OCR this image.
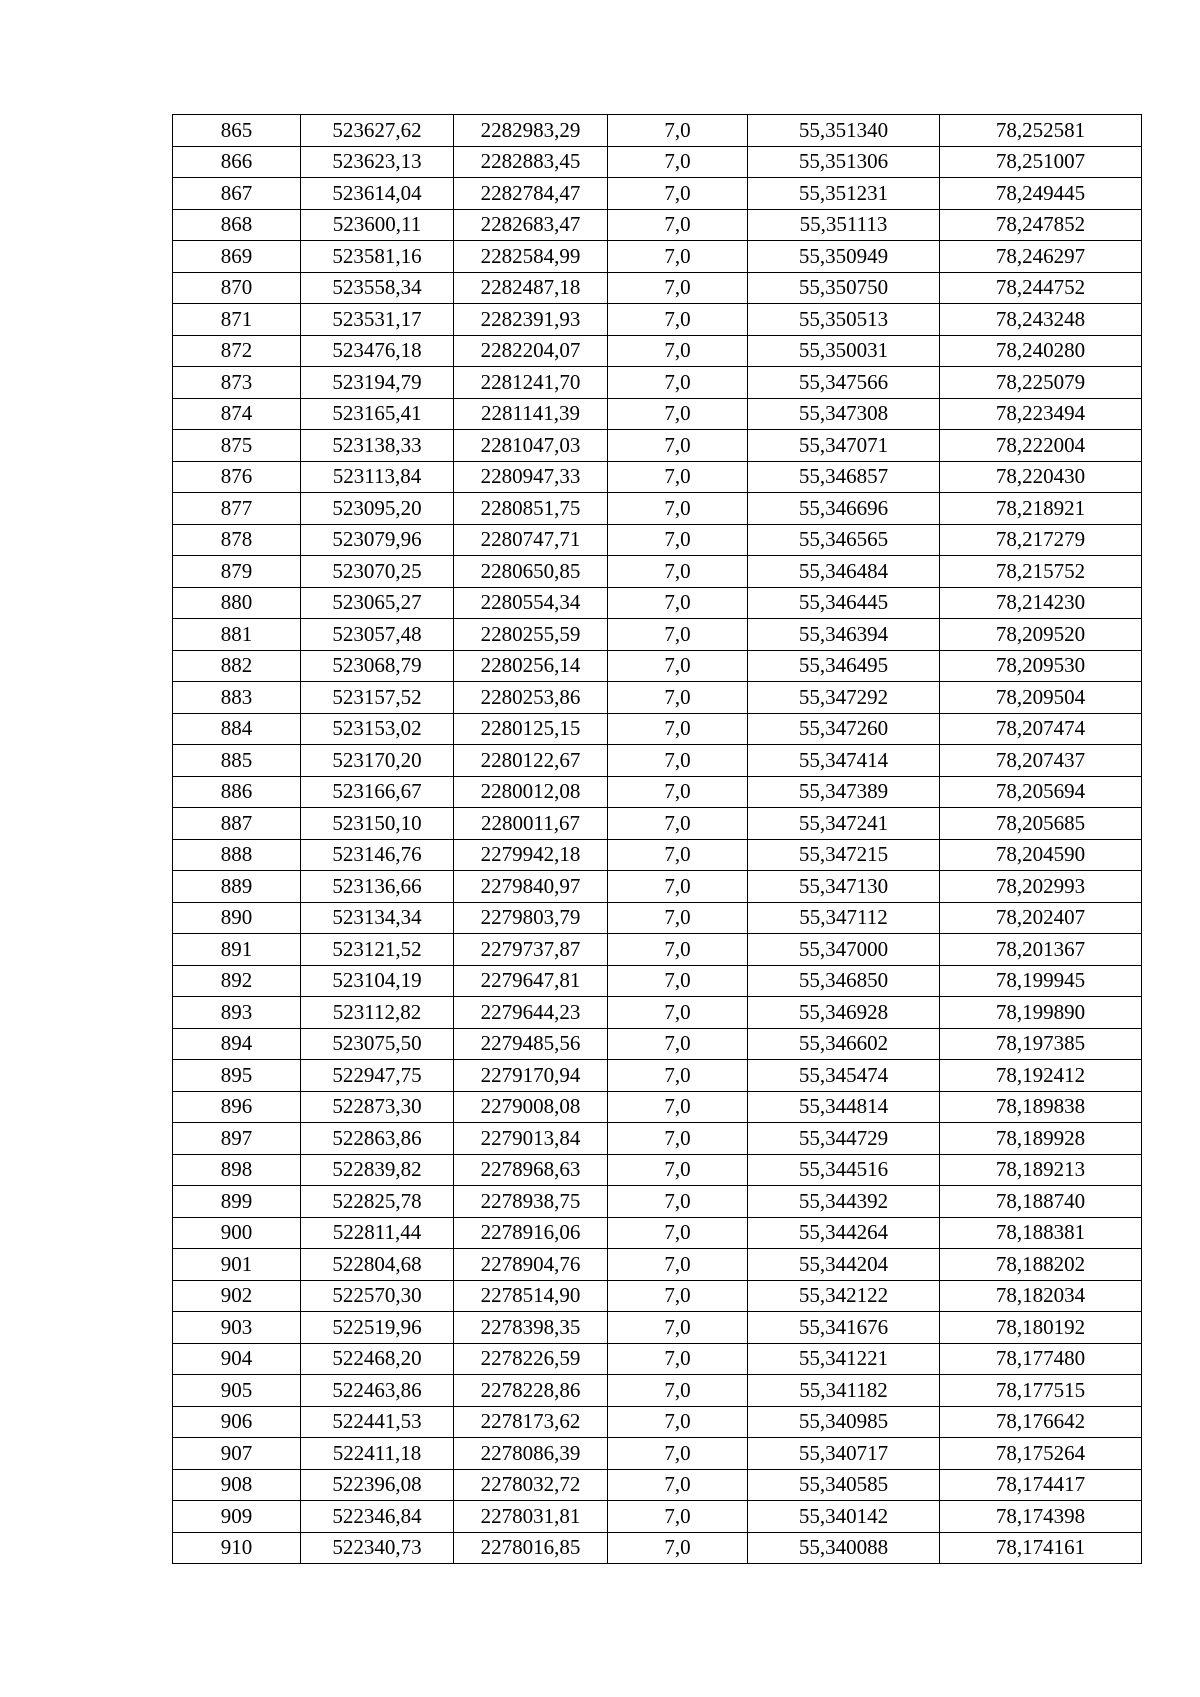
865	523627,62	2282983,29	7,0	55,351340	78,252581
866	523623,13	2282883,45	7,0	55,351306	78,251007
867	523614,04	2282784,47	7,0	55,351231	78,249445
868	523600,11	2282683,47	7,0	55,351113	78,247852
869	523581,16	2282584,99	7,0	55,350949	78,246297
870	523558,34	2282487,18	7,0	55,350750	78,244752
871	523531,17	2282391,93	7,0	55,350513	78,243248
872	523476,18	2282204,07	7,0	55,350031	78,240280
873	523194,79	2281241,70	7,0	55,347566	78,225079
874	523165,41	2281141,39	7,0	55,347308	78,223494
875	523138,33	2281047,03	7,0	55,347071	78,222004
876	523113,84	2280947,33	7,0	55,346857	78,220430
877	523095,20	2280851,75	7,0	55,346696	78,218921
878	523079,96	2280747,71	7,0	55,346565	78,217279
879	523070,25	2280650,85	7,0	55,346484	78,215752
880	523065,27	2280554,34	7,0	55,346445	78,214230
881	523057,48	2280255,59	7,0	55,346394	78,209520
882	523068,79	2280256,14	7,0	55,346495	78,209530
883	523157,52	2280253,86	7,0	55,347292	78,209504
884	523153,02	2280125,15	7,0	55,347260	78,207474
885	523170,20	2280122,67	7,0	55,347414	78,207437
886	523166,67	2280012,08	7,0	55,347389	78,205694
887	523150,10	2280011,67	7,0	55,347241	78,205685
888	523146,76	2279942,18	7,0	55,347215	78,204590
889	523136,66	2279840,97	7,0	55,347130	78,202993
890	523134,34	2279803,79	7,0	55,347112	78,202407
891	523121,52	2279737,87	7,0	55,347000	78,201367
892	523104,19	2279647,81	7,0	55,346850	78,199945
893	523112,82	2279644,23	7,0	55,346928	78,199890
894	523075,50	2279485,56	7,0	55,346602	78,197385
895	522947,75	2279170,94	7,0	55,345474	78,192412
896	522873,30	2279008,08	7,0	55,344814	78,189838
897	522863,86	2279013,84	7,0	55,344729	78,189928
898	522839,82	2278968,63	7,0	55,344516	78,189213
899	522825,78	2278938,75	7,0	55,344392	78,188740
900	522811,44	2278916,06	7,0	55,344264	78,188381
901	522804,68	2278904,76	7,0	55,344204	78,188202
902	522570,30	2278514,90	7,0	55,342122	78,182034
903	522519,96	2278398,35	7,0	55,341676	78,180192
904	522468,20	2278226,59	7,0	55,341221	78,177480
905	522463,86	2278228,86	7,0	55,341182	78,177515
906	522441,53	2278173,62	7,0	55,340985	78,176642
907	522411,18	2278086,39	7,0	55,340717	78,175264
908	522396,08	2278032,72	7,0	55,340585	78,174417
909	522346,84	2278031,81	7,0	55,340142	78,174398
910	522340,73	2278016,85	7,0	55,340088	78,174161
